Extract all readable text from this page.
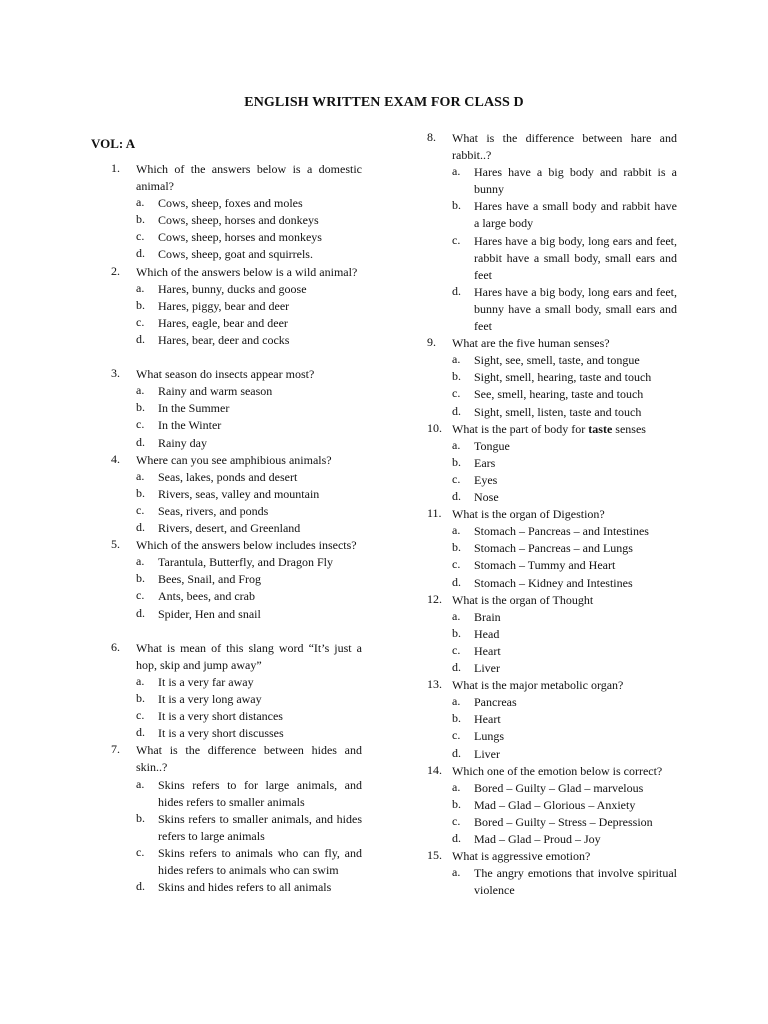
ENGLISH WRITTEN EXAM FOR CLASS D
VOL: A
1. Which of the answers below is a domestic animal?
a. Cows, sheep, foxes and moles
b. Cows, sheep, horses and donkeys
c. Cows, sheep, horses and monkeys
d. Cows, sheep, goat and squirrels.
2. Which of the answers below is a wild animal?
a. Hares, bunny, ducks and goose
b. Hares, piggy, bear and deer
c. Hares, eagle, bear and deer
d. Hares, bear, deer and cocks
3. What season do insects appear most?
a. Rainy and warm season
b. In the Summer
c. In the Winter
d. Rainy day
4. Where can you see amphibious animals?
a. Seas, lakes, ponds and desert
b. Rivers, seas, valley and mountain
c. Seas, rivers, and ponds
d. Rivers, desert, and Greenland
5. Which of the answers below includes insects?
a. Tarantula, Butterfly, and Dragon Fly
b. Bees, Snail, and Frog
c. Ants, bees, and crab
d. Spider, Hen and snail
6. What is mean of this slang word “It’s just a hop, skip and jump away”
a. It is a very far away
b. It is a very long away
c. It is a very short distances
d. It is a very short discusses
7. What is the difference between hides and skin..?
a. Skins refers to for large animals, and hides refers to smaller animals
b. Skins refers to smaller animals, and hides refers to large animals
c. Skins refers to animals who can fly, and hides refers to animals who can swim
d. Skins and hides refers to all animals
8. What is the difference between hare and rabbit..?
a. Hares have a big body and rabbit is a bunny
b. Hares have a small body and rabbit have a large body
c. Hares have a big body, long ears and feet, rabbit have a small body, small ears and feet
d. Hares have a big body, long ears and feet, bunny have a small body, small ears and feet
9. What are the five human senses?
a. Sight, see, smell, taste, and tongue
b. Sight, smell, hearing, taste and touch
c. See, smell, hearing, taste and touch
d. Sight, smell, listen, taste and touch
10. What is the part of body for taste senses
a. Tongue
b. Ears
c. Eyes
d. Nose
11. What is the organ of Digestion?
a. Stomach – Pancreas – and Intestines
b. Stomach – Pancreas – and Lungs
c. Stomach – Tummy and Heart
d. Stomach – Kidney and Intestines
12. What is the organ of Thought
a. Brain
b. Head
c. Heart
d. Liver
13. What is the major metabolic organ?
a. Pancreas
b. Heart
c. Lungs
d. Liver
14. Which one of the emotion below is correct?
a. Bored – Guilty – Glad – marvelous
b. Mad – Glad – Glorious – Anxiety
c. Bored – Guilty – Stress – Depression
d. Mad – Glad – Proud – Joy
15. What is aggressive emotion?
a. The angry emotions that involve spiritual violence
